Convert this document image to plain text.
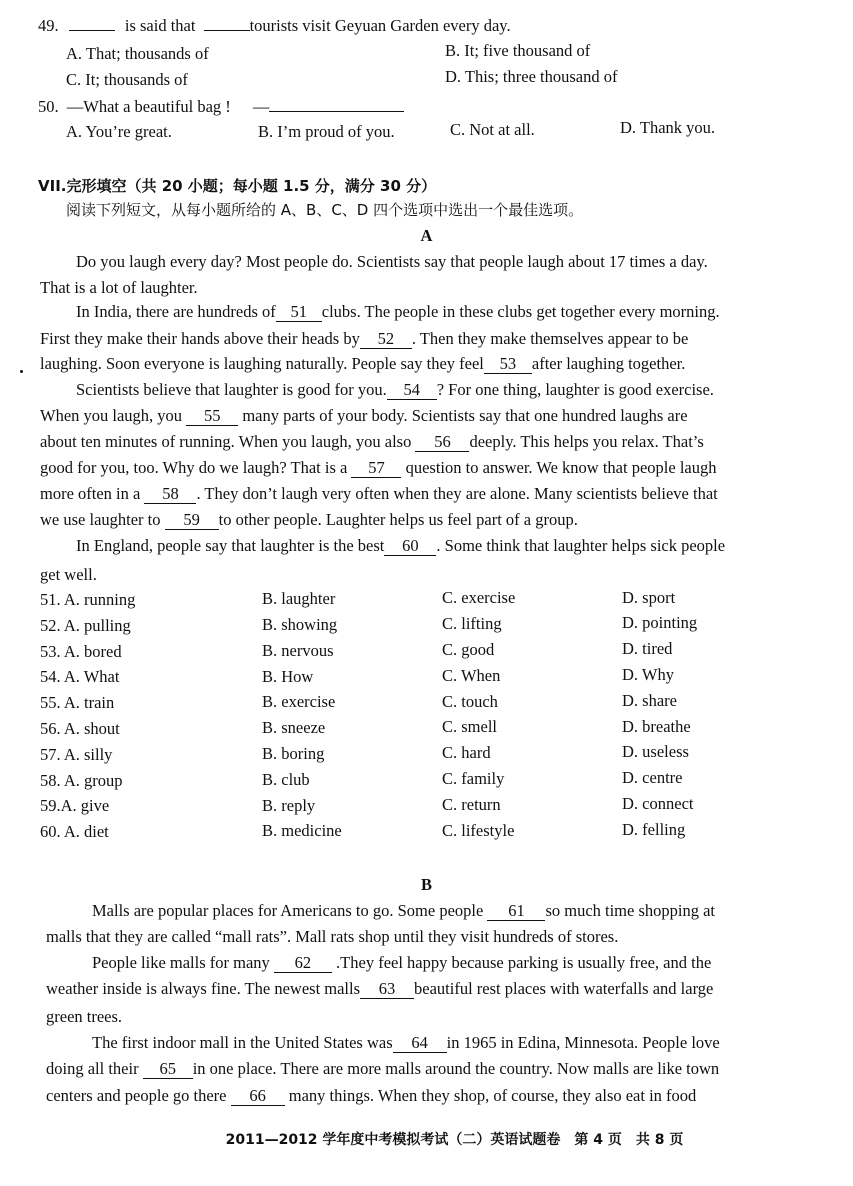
49.	is said that	tourists visit Geyuan Garden every day.
A. That; thousands of	B. It; five thousand of
C. It; thousands of	D. This; three thousand of
50. —What a beautiful bag ! —
A. You’re great.	B. I’m proud of you.	C. Not at all.	D. Thank you.
VII.完形填空（共 20 小题；每小题 1.5 分，满分 30 分）
阅读下列短文，从每小题所给的 A、B、C、D 四个选项中选出一个最佳选项。
A
Do you laugh every day? Most people do. Scientists say that people laugh about 17 times a day.
That is a lot of laughter.
In India, there are hundreds of 51 clubs. The people in these clubs get together every morning.
First they make their hands above their heads by 52 . Then they make themselves appear to be
laughing. Soon everyone is laughing naturally. People say they feel 53 after laughing together.
Scientists believe that laughter is good for you. 54 ? For one thing, laughter is good exercise.
When you laugh, you 55 many parts of your body. Scientists say that one hundred laughs are
about ten minutes of running. When you laugh, you also 56 deeply. This helps you relax. That’s
good for you, too. Why do we laugh? That is a 57 question to answer. We know that people laugh
more often in a 58 . They don’t laugh very often when they are alone. Many scientists believe that
we use laughter to 59 to other people. Laughter helps us feel part of a group.
In England, people say that laughter is the best 60 . Some think that laughter helps sick people
get well.
51. A. running	B. laughter	C. exercise	D. sport
52. A. pulling	B. showing	C. lifting	D. pointing
53. A. bored	B. nervous	C. good	D. tired
54. A. What	B. How	C. When	D. Why
55. A. train	B. exercise	C. touch	D. share
56. A. shout	B. sneeze	C. smell	D. breathe
57. A. silly	B. boring	C. hard	D. useless
58. A. group	B. club	C. family	D. centre
59.A. give	B. reply	C. return	D. connect
60. A. diet	B. medicine	C. lifestyle	D. felling
B
Malls are popular places for Americans to go. Some people 61 so much time shopping at
malls that they are called “mall rats”. Mall rats shop until they visit hundreds of stores.
People like malls for many 62 .They feel happy because parking is usually free, and the
weather inside is always fine. The newest malls 63 beautiful rest places with waterfalls and large
green trees.
The first indoor mall in the United States was 64 in 1965 in Edina, Minnesota. People love
doing all their 65 in one place. There are more malls around the country. Now malls are like town
centers and people go there 66 many things. When they shop, of course, they also eat in food
2011—2012 学年度中考模拟考试（二）英语试题卷　第 4 页　共 8 页
